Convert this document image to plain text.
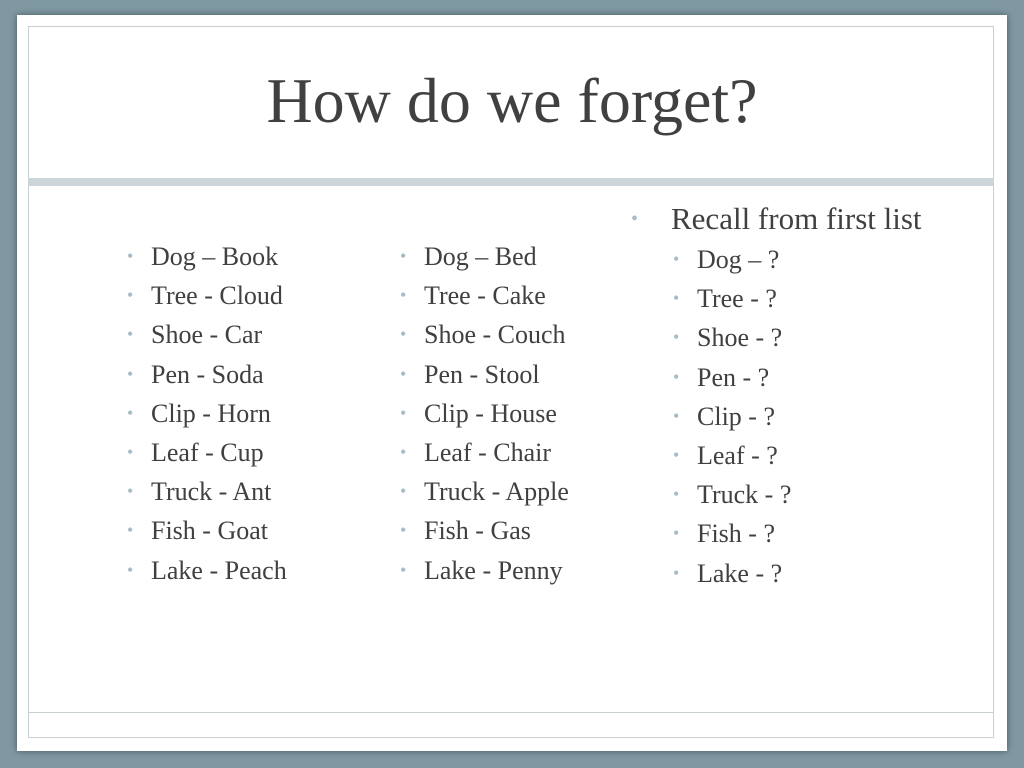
How do we forget?
• Dog – Book
• Tree - Cloud
• Shoe - Car
• Pen - Soda
• Clip - Horn
• Leaf - Cup
• Truck - Ant
• Fish - Goat
• Lake - Peach
• Dog – Bed
• Tree - Cake
• Shoe - Couch
• Pen - Stool
• Clip - House
• Leaf - Chair
• Truck - Apple
• Fish - Gas
• Lake - Penny
• Recall from first list
• Dog – ?
• Tree - ?
• Shoe - ?
• Pen - ?
• Clip - ?
• Leaf - ?
• Truck - ?
• Fish - ?
• Lake - ?
